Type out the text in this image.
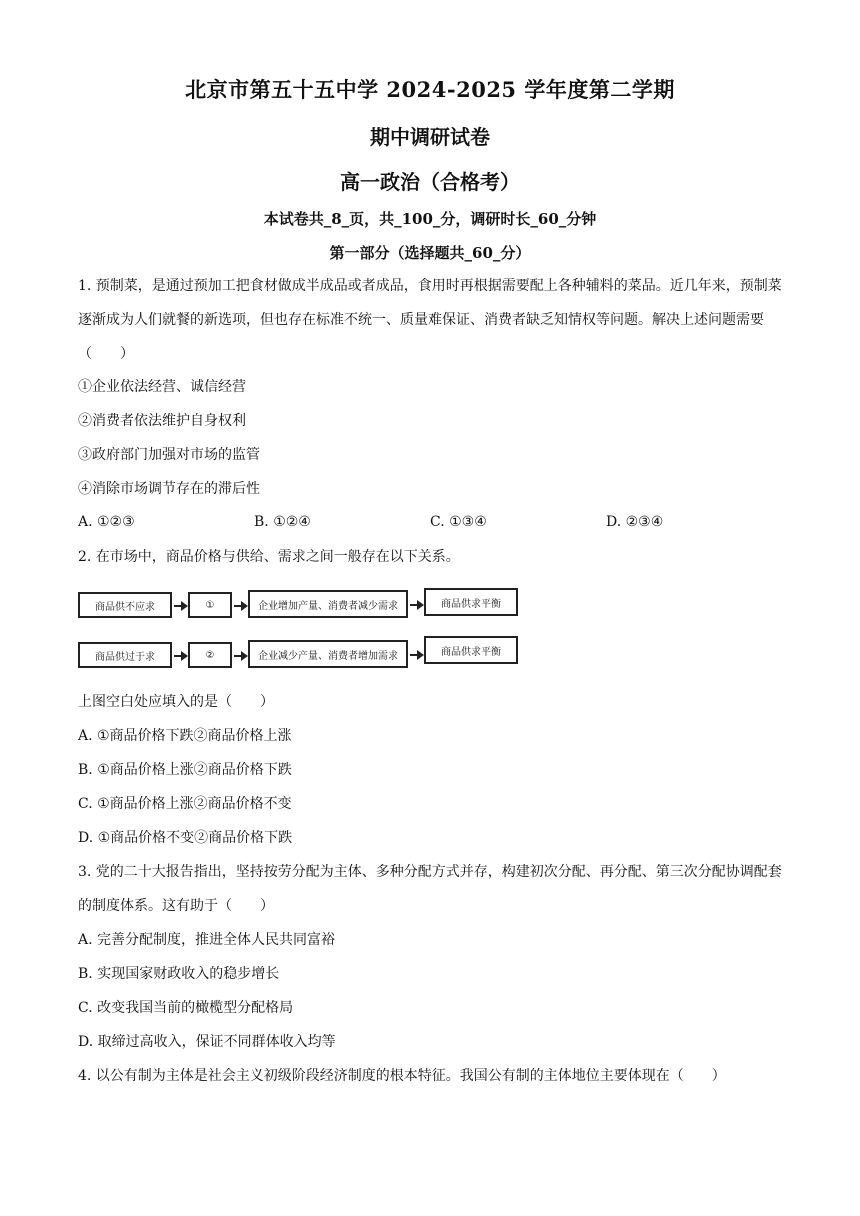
北京市第五十五中学 2024-2025 学年度第二学期
期中调研试卷
高一政治（合格考）

本试卷共_8_页，共_100_分，调研时长_60_分钟

第一部分（选择题共_60_分）

1. 预制菜，是通过预加工把食材做成半成品或者成品，食用时再根据需要配上各种辅料的菜品。近几年来，预制菜逐渐成为人们就餐的新选项，但也存在标准不统一、质量难保证、消费者缺乏知情权等问题。解决上述问题需要（　　）

①企业依法经营、诚信经营

②消费者依法维护自身权利

③政府部门加强对市场的监管

④消除市场调节存在的滞后性

A. ①②③	B. ①②④	C. ①③④	D. ②③④

2. 在市场中，商品价格与供给、需求之间一般存在以下关系。

商品供不应求	①	企业增加产量、消费者减少需求	商品供求平衡
商品供过于求	②	企业减少产量、消费者增加需求	商品供求平衡

上图空白处应填入的是（　　）

A. ①商品价格下跌②商品价格上涨

B. ①商品价格上涨②商品价格下跌

C. ①商品价格上涨②商品价格不变

D. ①商品价格不变②商品价格下跌

3. 党的二十大报告指出，坚持按劳分配为主体、多种分配方式并存，构建初次分配、再分配、第三次分配协调配套的制度体系。这有助于（　　）

A. 完善分配制度，推进全体人民共同富裕

B. 实现国家财政收入的稳步增长

C. 改变我国当前的橄榄型分配格局

D. 取缔过高收入，保证不同群体收入均等

4. 以公有制为主体是社会主义初级阶段经济制度的根本特征。我国公有制的主体地位主要体现在（　　）
